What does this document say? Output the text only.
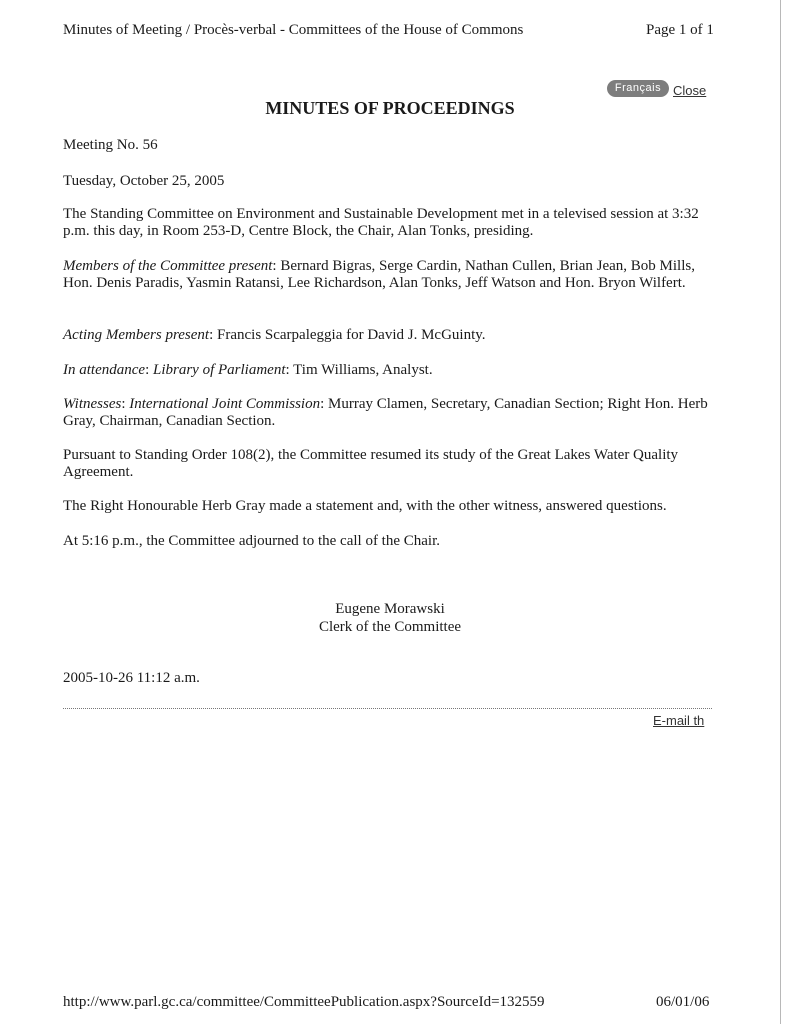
Minutes of Meeting / Procès-verbal - Committees of the House of Commons	Page 1 of 1
Français Close
MINUTES OF PROCEEDINGS
Meeting No. 56
Tuesday, October 25, 2005
The Standing Committee on Environment and Sustainable Development met in a televised session at 3:32 p.m. this day, in Room 253-D, Centre Block, the Chair, Alan Tonks, presiding.
Members of the Committee present: Bernard Bigras, Serge Cardin, Nathan Cullen, Brian Jean, Bob Mills, Hon. Denis Paradis, Yasmin Ratansi, Lee Richardson, Alan Tonks, Jeff Watson and Hon. Bryon Wilfert.
Acting Members present: Francis Scarpaleggia for David J. McGuinty.
In attendance: Library of Parliament: Tim Williams, Analyst.
Witnesses: International Joint Commission: Murray Clamen, Secretary, Canadian Section; Right Hon. Herb Gray, Chairman, Canadian Section.
Pursuant to Standing Order 108(2), the Committee resumed its study of the Great Lakes Water Quality Agreement.
The Right Honourable Herb Gray made a statement and, with the other witness, answered questions.
At 5:16 p.m., the Committee adjourned to the call of the Chair.
Eugene Morawski
Clerk of the Committee
2005-10-26 11:12 a.m.
E-mail th
http://www.parl.gc.ca/committee/CommitteePublication.aspx?SourceId=132559	06/01/06
